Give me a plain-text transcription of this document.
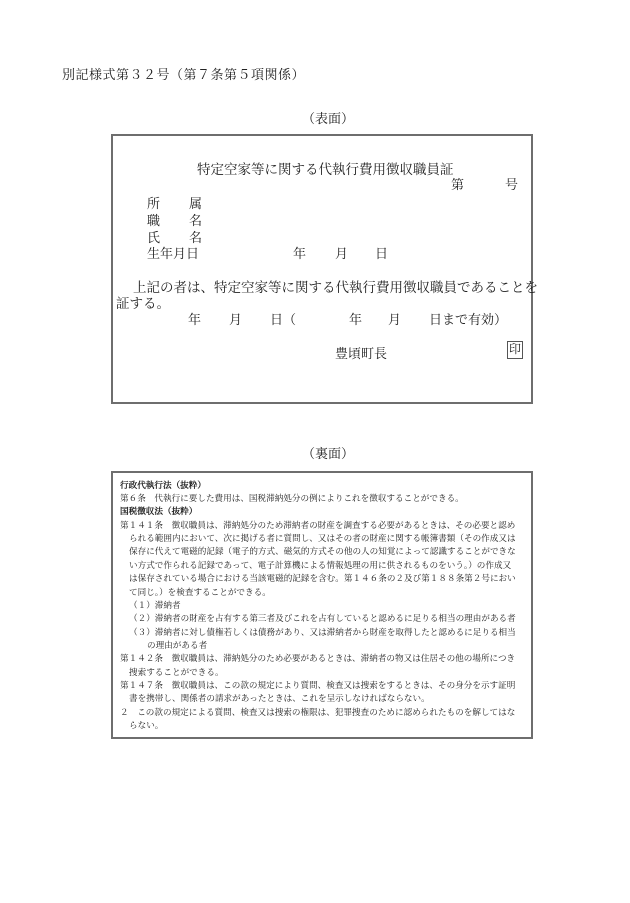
別記様式第３２号（第７条第５項関係）
（表面）
特定空家等に関する代執行費用徴収職員証
第	号
所 属
職 名
氏 名
生年月日	年 月 日
上記の者は、特定空家等に関する代執行費用徴収職員であることを
証する。
年 月 日（	年 月 日まで有効）
豊頃町長	印
（裏面）
行政代執行法（抜粋）
第６条　代執行に要した費用は、国税滞納処分の例によりこれを徴収することができる。
国税徴収法（抜粋）
第１４１条　徴収職員は、滞納処分のため滞納者の財産を調査する必要があるときは、その必要と認め
られる範囲内において、次に掲げる者に質問し、又はその者の財産に関する帳簿書類（その作成又は
保存に代えて電磁的記録（電子的方式、磁気的方式その他の人の知覚によって認識することができな
い方式で作られる記録であって、電子計算機による情報処理の用に供されるものをいう。）の作成又
は保存されている場合における当該電磁的記録を含む。第１４６条の２及び第１８８条第２号におい
て同じ。）を検査することができる。
（１）滞納者
（２）滞納者の財産を占有する第三者及びこれを占有していると認めるに足りる相当の理由がある者
（３）滞納者に対し債権若しくは債務があり、又は滞納者から財産を取得したと認めるに足りる相当
の理由がある者
第１４２条　徴収職員は、滞納処分のため必要があるときは、滞納者の物又は住居その他の場所につき
捜索することができる。
第１４７条　徴収職員は、この款の規定により質問、検査又は捜索をするときは、その身分を示す証明
書を携帯し、関係者の請求があったときは、これを呈示しなければならない。
２　この款の規定による質問、検査又は捜索の権限は、犯罪捜査のために認められたものを解してはな
らない。
